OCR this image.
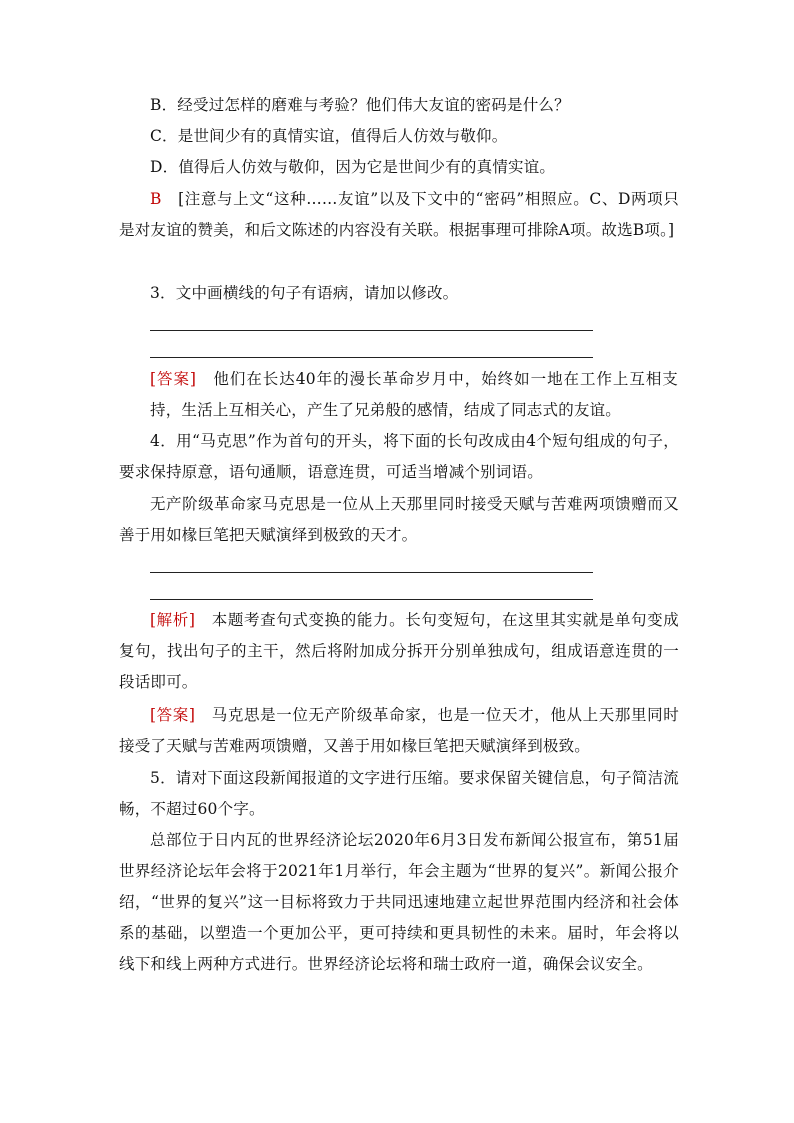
B．经受过怎样的磨难与考验？他们伟大友谊的密码是什么？

C．是世间少有的真情实谊，值得后人仿效与敬仰。

D．值得后人仿效与敬仰，因为它是世间少有的真情实谊。

B　 [注意与上文“这种……友谊”以及下文中的“密码”相照应。C、D两项只是对友谊的赞美，和后文陈述的内容没有关联。根据事理可排除A项。故选B项。]

3．文中画横线的句子有语病，请加以修改。

[答案]　 他们在长达40年的漫长革命岁月中，始终如一地在工作上互相支持，生活上互相关心，产生了兄弟般的感情，结成了同志式的友谊。

4．用“马克思”作为首句的开头，将下面的长句改成由4个短句组成的句子，要求保持原意，语句通顺，语意连贯，可适当增减个别词语。

无产阶级革命家马克思是一位从上天那里同时接受天赋与苦难两项馈赠而又善于用如椽巨笔把天赋演绎到极致的天才。

[解析]　 本题考查句式变换的能力。长句变短句，在这里其实就是单句变成复句，找出句子的主干，然后将附加成分拆开分别单独成句，组成语意连贯的一段话即可。

[答案]　 马克思是一位无产阶级革命家，也是一位天才，他从上天那里同时接受了天赋与苦难两项馈赠，又善于用如椽巨笔把天赋演绎到极致。

5．请对下面这段新闻报道的文字进行压缩。要求保留关键信息，句子简洁流畅，不超过60个字。

总部位于日内瓦的世界经济论坛2020年6月3日发布新闻公报宣布，第51届世界经济论坛年会将于2021年1月举行，年会主题为“世界的复兴”。新闻公报介绍，“世界的复兴”这一目标将致力于共同迅速地建立起世界范围内经济和社会体系的基础，以塑造一个更加公平，更可持续和更具韧性的未来。届时，年会将以线下和线上两种方式进行。世界经济论坛将和瑞士政府一道，确保会议安全。
